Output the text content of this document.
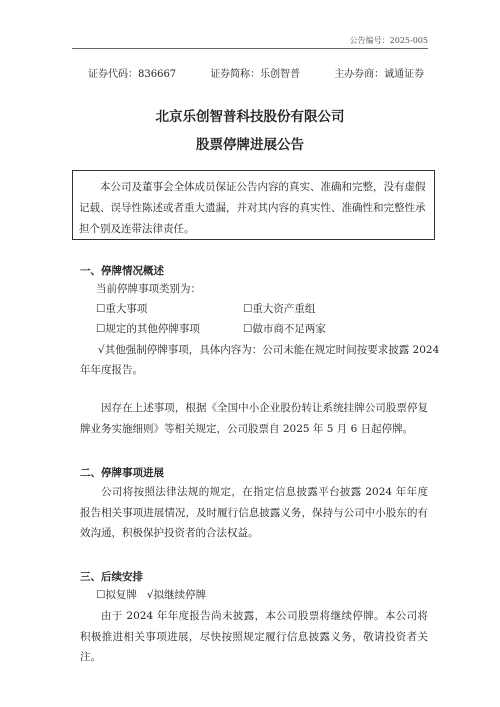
公告编号：2025-005
证券代码：836667	证券简称：乐创智普	主办券商：诚通证券
北京乐创智普科技股份有限公司
股票停牌进展公告
本公司及董事会全体成员保证公告内容的真实、准确和完整，没有虚假记载、误导性陈述或者重大遗漏，并对其内容的真实性、准确性和完整性承担个别及连带法律责任。
一、停牌情况概述
当前停牌事项类别为：
☐重大事项	☐重大资产重组
☐规定的其他停牌事项	☐做市商不足两家
√其他强制停牌事项，具体内容为：公司未能在规定时间按要求披露 2024
年年度报告。
因存在上述事项，根据《全国中小企业股份转让系统挂牌公司股票停复牌业务实施细则》等相关规定，公司股票自 2025 年 5 月 6 日起停牌。
二、停牌事项进展
公司将按照法律法规的规定，在指定信息披露平台披露 2024 年年度报告相关事项进展情况，及时履行信息披露义务，保持与公司中小股东的有效沟通，积极保护投资者的合法权益。
三、后续安排
☐拟复牌   √拟继续停牌
由于 2024 年年度报告尚未披露，本公司股票将继续停牌。本公司将积极推进相关事项进展，尽快按照规定履行信息披露义务，敬请投资者关注。
